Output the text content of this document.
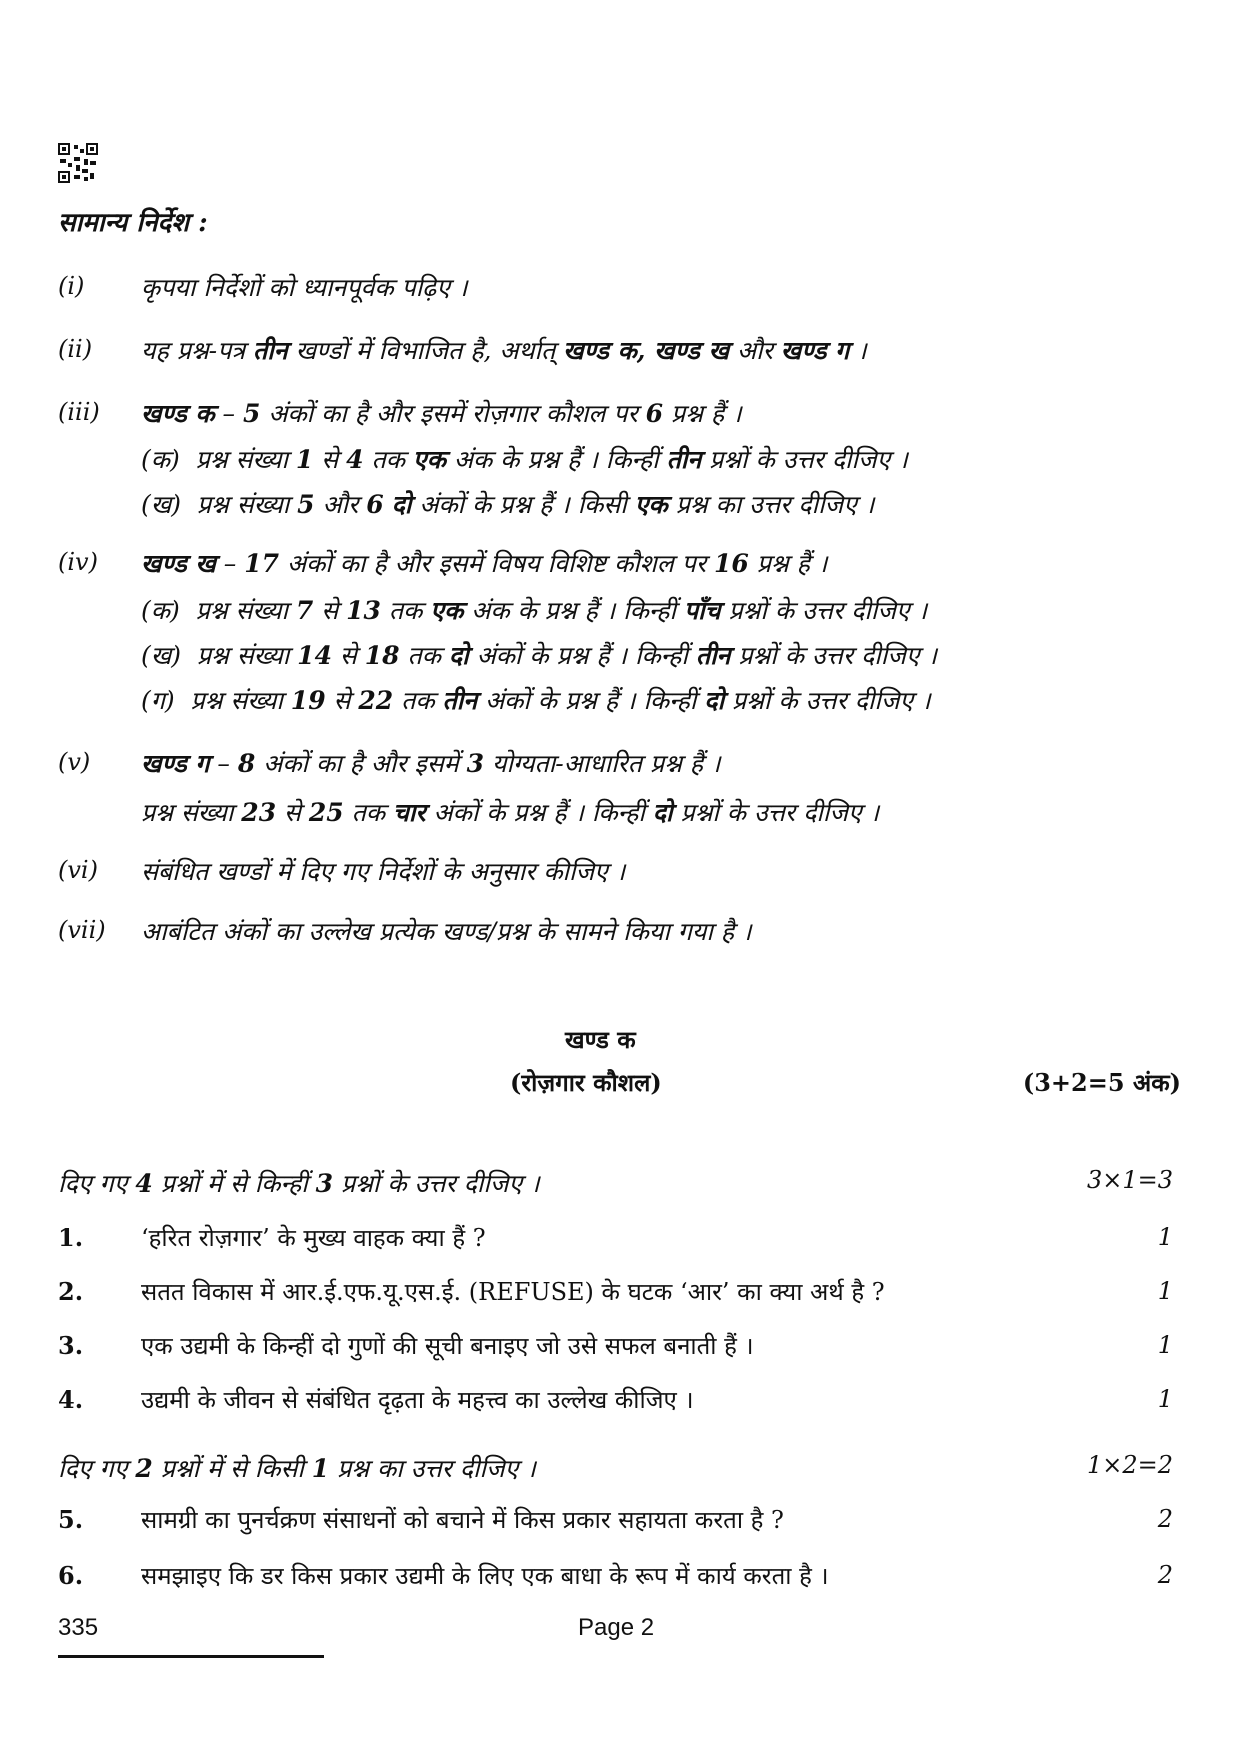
सामान्य निर्देश :
(i) कृपया निर्देशों को ध्यानपूर्वक पढ़िए ।
(ii) यह प्रश्न-पत्र तीन खण्डों में विभाजित है, अर्थात् खण्ड क, खण्ड ख और खण्ड ग ।
(iii) खण्ड क – 5 अंकों का है और इसमें रोज़गार कौशल पर 6 प्रश्न हैं ।
(क) प्रश्न संख्या 1 से 4 तक एक अंक के प्रश्न हैं । किन्हीं तीन प्रश्नों के उत्तर दीजिए ।
(ख) प्रश्न संख्या 5 और 6 दो अंकों के प्रश्न हैं । किसी एक प्रश्न का उत्तर दीजिए ।
(iv) खण्ड ख – 17 अंकों का है और इसमें विषय विशिष्ट कौशल पर 16 प्रश्न हैं ।
(क) प्रश्न संख्या 7 से 13 तक एक अंक के प्रश्न हैं । किन्हीं पाँच प्रश्नों के उत्तर दीजिए ।
(ख) प्रश्न संख्या 14 से 18 तक दो अंकों के प्रश्न हैं । किन्हीं तीन प्रश्नों के उत्तर दीजिए ।
(ग) प्रश्न संख्या 19 से 22 तक तीन अंकों के प्रश्न हैं । किन्हीं दो प्रश्नों के उत्तर दीजिए ।
(v) खण्ड ग – 8 अंकों का है और इसमें 3 योग्यता-आधारित प्रश्न हैं ।
प्रश्न संख्या 23 से 25 तक चार अंकों के प्रश्न हैं । किन्हीं दो प्रश्नों के उत्तर दीजिए ।
(vi) संबंधित खण्डों में दिए गए निर्देशों के अनुसार कीजिए ।
(vii) आबंटित अंकों का उल्लेख प्रत्येक खण्ड/प्रश्न के सामने किया गया है ।
खण्ड क
(रोज़गार कौशल)	(3+2=5 अंक)
दिए गए 4 प्रश्नों में से किन्हीं 3 प्रश्नों के उत्तर दीजिए ।	3×1=3
1. ‘हरित रोज़गार’ के मुख्य वाहक क्या हैं ?	1
2. सतत विकास में आर.ई.एफ.यू.एस.ई. (REFUSE) के घटक ‘आर’ का क्या अर्थ है ?	1
3. एक उद्यमी के किन्हीं दो गुणों की सूची बनाइए जो उसे सफल बनाती हैं ।	1
4. उद्यमी के जीवन से संबंधित दृढ़ता के महत्त्व का उल्लेख कीजिए ।	1
दिए गए 2 प्रश्नों में से किसी 1 प्रश्न का उत्तर दीजिए ।	1×2=2
5. सामग्री का पुनर्चक्रण संसाधनों को बचाने में किस प्रकार सहायता करता है ?	2
6. समझाइए कि डर किस प्रकार उद्यमी के लिए एक बाधा के रूप में कार्य करता है ।	2
335	Page 2
